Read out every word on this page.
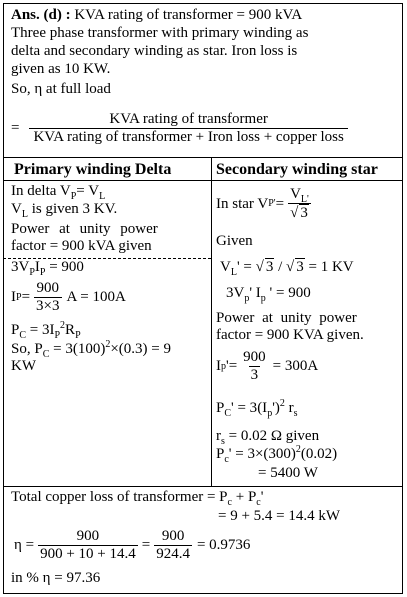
Ans. (d) : KVA rating of transformer = 900 kVA
Three phase transformer with primary winding as
delta and secondary winding as star. Iron loss is
given as 10 KW.
So, η at full load
= $\frac{\text{KVA rating of transformer}}{\text{KVA rating of transformer + Iron loss + copper loss}}$
Primary winding Delta	Secondary winding star
In delta $V_P= V_L$
$V_L$ is given 3 KV.
Power at unity power
factor = 900 kVA given
$3V_PI_P = 900$
I $P = \frac{900}{3\times 3}$ A = 100A
$P_C = 3I_P^2R_P$
So, $P_C = 3(100)^2\times(0.3) = 9$
KW
In star V $P' = \frac{V_{L'}}{√ 3}$
Given
$V_L'$ = √ 3 / √ 3 = 1 KV
$3V_p'$ $I_p$ ' = 900
Power at unity power
factor = 900 KVA given.
I p '= $\frac{900}{3} = 300A$
$P_C' = 3(I_p')^2$ $r_s$
$r_s = 0.02$ Ω given
$P_c' = 3\times(300)^2(0.02)$
= 5400 W
Total copper loss of transformer = $P_c + P_c'$
= 9 + 5.4 = 14.4 kW
$\eta = \frac{900}{900 + 10 + 14.4} = \frac{900}{924.4} = 0.9736$
in % η = 97.36
